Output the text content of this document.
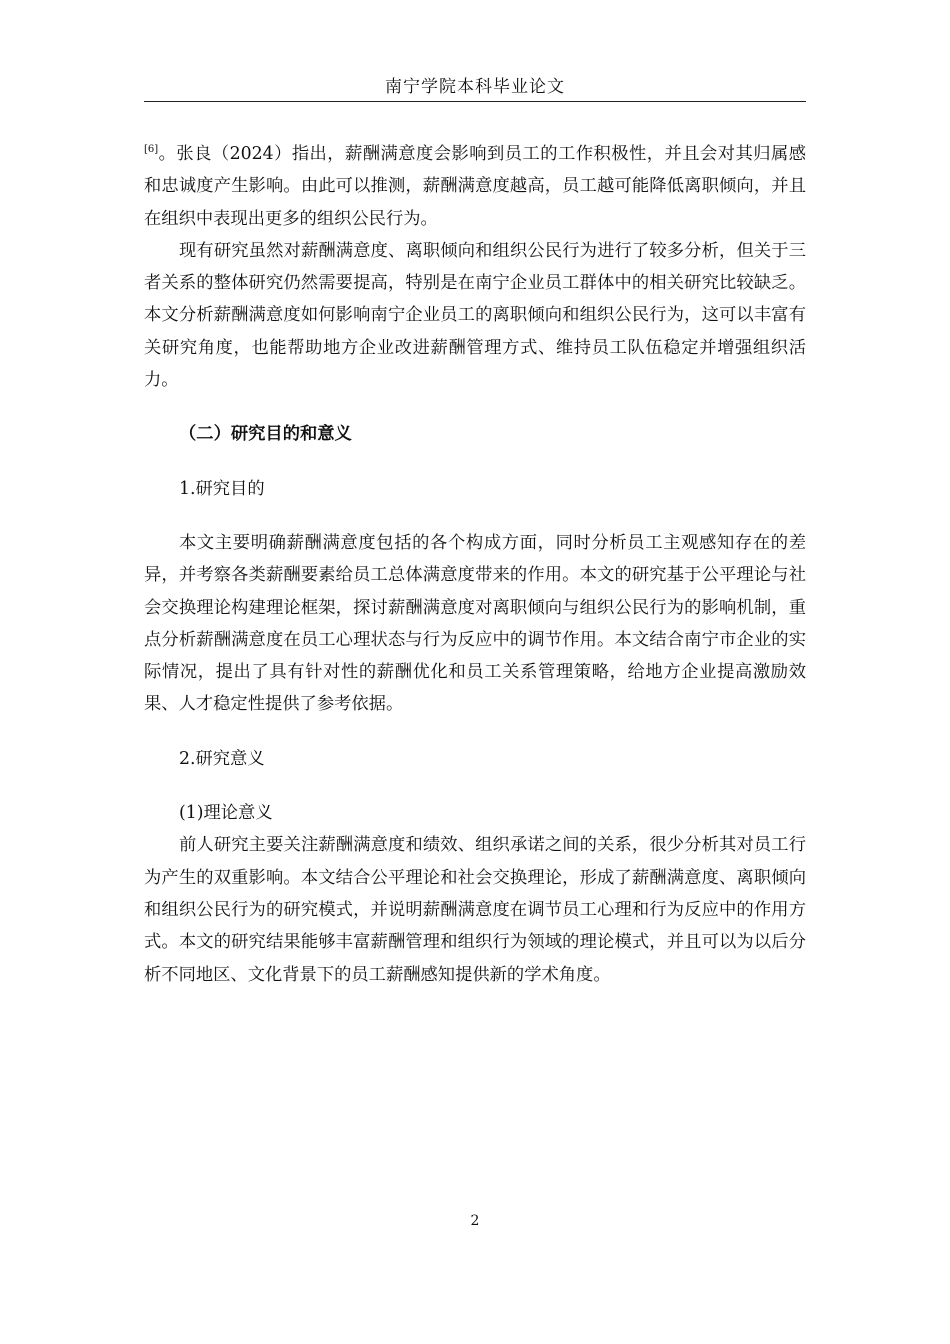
南宁学院本科毕业论文

[6]。张良（2024）指出，薪酬满意度会影响到员工的工作积极性，并且会对其归属感和忠诚度产生影响。由此可以推测，薪酬满意度越高，员工越可能降低离职倾向，并且在组织中表现出更多的组织公民行为。

现有研究虽然对薪酬满意度、离职倾向和组织公民行为进行了较多分析，但关于三者关系的整体研究仍然需要提高，特别是在南宁企业员工群体中的相关研究比较缺乏。本文分析薪酬满意度如何影响南宁企业员工的离职倾向和组织公民行为，这可以丰富有关研究角度，也能帮助地方企业改进薪酬管理方式、维持员工队伍稳定并增强组织活力。

（二）研究目的和意义

1.研究目的

本文主要明确薪酬满意度包括的各个构成方面，同时分析员工主观感知存在的差异，并考察各类薪酬要素给员工总体满意度带来的作用。本文的研究基于公平理论与社会交换理论构建理论框架，探讨薪酬满意度对离职倾向与组织公民行为的影响机制，重点分析薪酬满意度在员工心理状态与行为反应中的调节作用。本文结合南宁市企业的实际情况，提出了具有针对性的薪酬优化和员工关系管理策略，给地方企业提高激励效果、人才稳定性提供了参考依据。

2.研究意义

(1)理论意义

前人研究主要关注薪酬满意度和绩效、组织承诺之间的关系，很少分析其对员工行为产生的双重影响。本文结合公平理论和社会交换理论，形成了薪酬满意度、离职倾向和组织公民行为的研究模式，并说明薪酬满意度在调节员工心理和行为反应中的作用方式。本文的研究结果能够丰富薪酬管理和组织行为领域的理论模式，并且可以为以后分析不同地区、文化背景下的员工薪酬感知提供新的学术角度。

2
